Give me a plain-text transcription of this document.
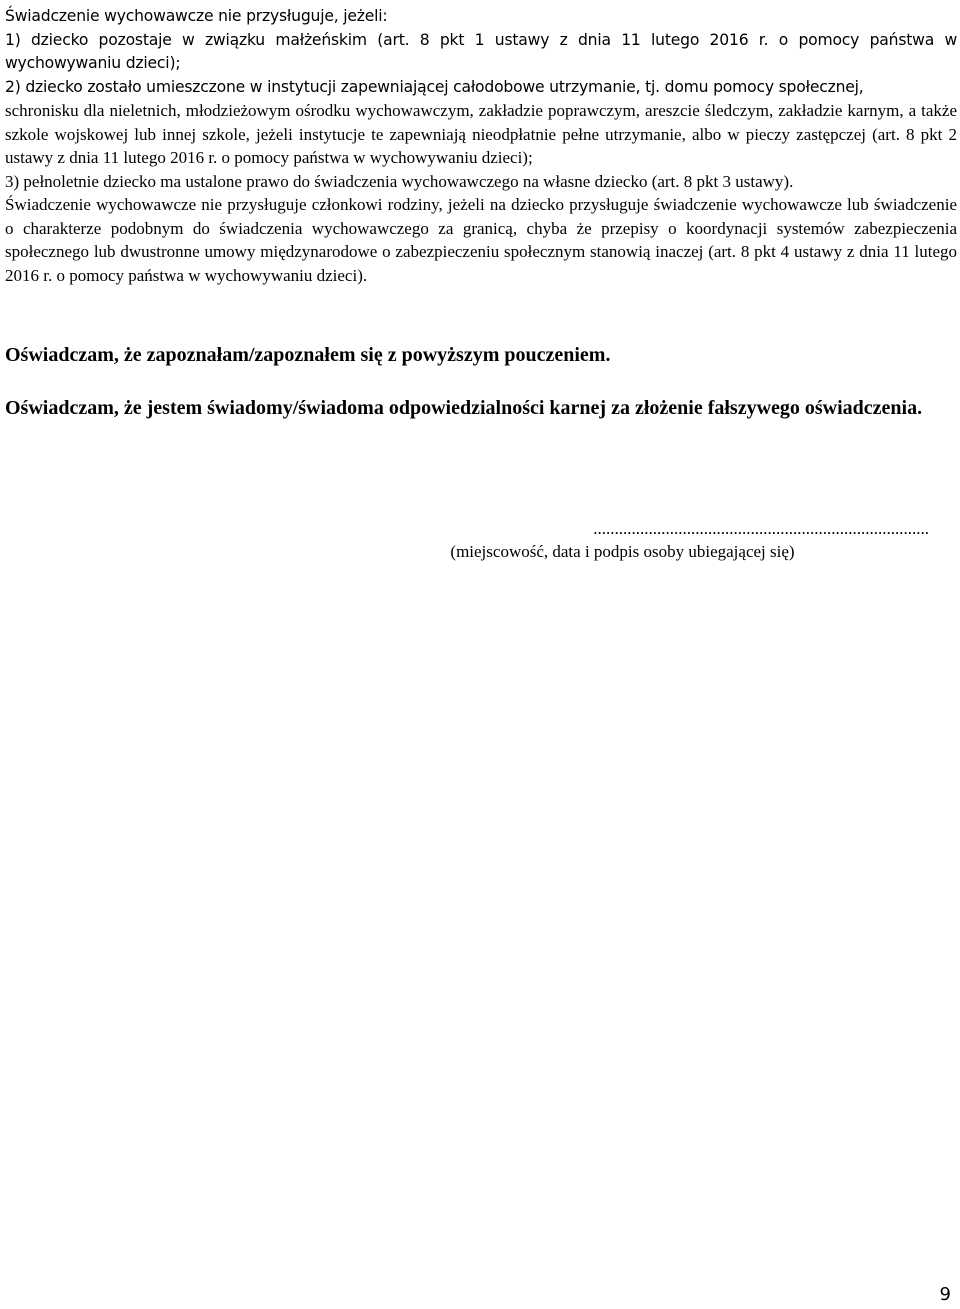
Świadczenie wychowawcze nie przysługuje, jeżeli:

1) dziecko pozostaje w związku małżeńskim (art. 8 pkt 1 ustawy z dnia 11 lutego 2016 r. o pomocy państwa w wychowywaniu dzieci);

2) dziecko zostało umieszczone w instytucji zapewniającej całodobowe utrzymanie, tj. domu pomocy społecznej,

schronisku dla nieletnich, młodzieżowym ośrodku wychowawczym, zakładzie poprawczym, areszcie śledczym, zakładzie karnym, a także szkole wojskowej lub innej szkole, jeżeli instytucje te zapewniają nieodpłatnie pełne utrzymanie, albo w pieczy zastępczej (art. 8 pkt 2 ustawy z dnia 11 lutego 2016 r. o pomocy państwa w wychowywaniu dzieci);

3) pełnoletnie dziecko ma ustalone prawo do świadczenia wychowawczego na własne dziecko (art. 8 pkt 3 ustawy).

Świadczenie wychowawcze nie przysługuje członkowi rodziny, jeżeli na dziecko przysługuje świadczenie wychowawcze lub świadczenie o charakterze podobnym do świadczenia wychowawczego za granicą, chyba że przepisy o koordynacji systemów zabezpieczenia społecznego lub dwustronne umowy międzynarodowe o zabezpieczeniu społecznym stanowią inaczej (art. 8 pkt 4 ustawy z dnia 11 lutego 2016 r. o pomocy państwa w wychowywaniu dzieci).

Oświadczam, że zapoznałam/zapoznałem się z powyższym pouczeniem.

Oświadczam, że jestem świadomy/świadoma odpowiedzialności karnej za złożenie fałszywego oświadczenia.

...............................................................................
(miejscowość, data i podpis osoby ubiegającej się)
9
